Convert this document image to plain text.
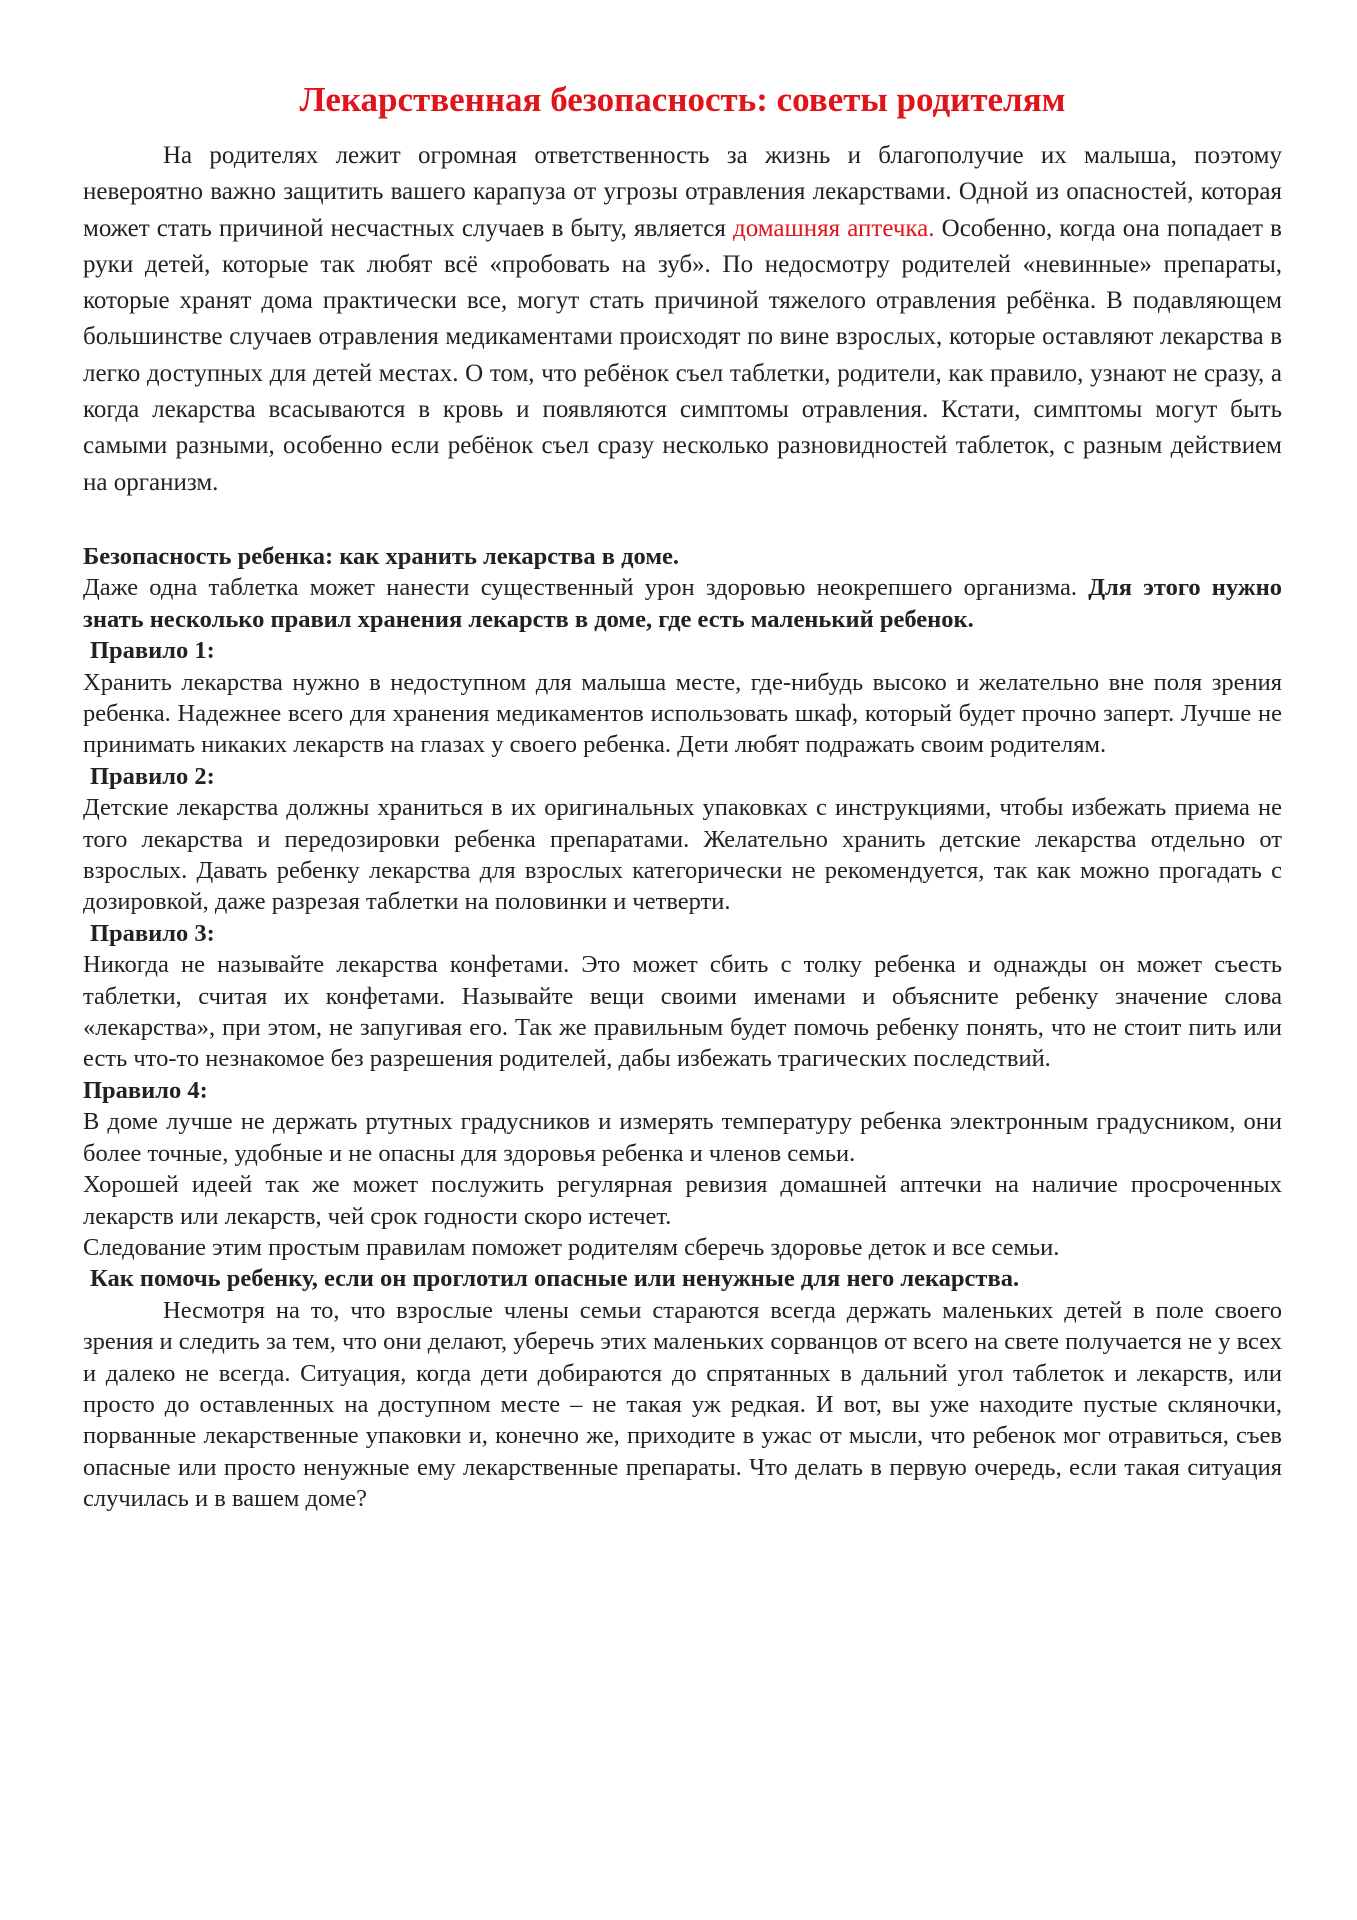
Лекарственная безопасность: советы родителям

На родителях лежит огромная ответственность за жизнь и благополучие их малыша, поэтому невероятно важно защитить вашего карапуза от угрозы отравления лекарствами. Одной из опасностей, которая может стать причиной несчастных случаев в быту, является домашняя аптечка. Особенно, когда она попадает в руки детей, которые так любят всё «пробовать на зуб». По недосмотру родителей «невинные» препараты, которые хранят дома практически все, могут стать причиной тяжелого отравления ребёнка. В подавляющем большинстве случаев отравления медикаментами происходят по вине взрослых, которые оставляют лекарства в легко доступных для детей местах. О том, что ребёнок съел таблетки, родители, как правило, узнают не сразу, а когда лекарства всасываются в кровь и появляются симптомы отравления. Кстати, симптомы могут быть самыми разными, особенно если ребёнок съел сразу несколько разновидностей таблеток, с разным действием на организм.

Безопасность ребенка: как хранить лекарства в доме.

Даже одна таблетка может нанести существенный урон здоровью неокрепшего организма. Для этого нужно знать несколько правил хранения лекарств в доме, где есть маленький ребенок.

Правило 1:

Хранить лекарства нужно в недоступном для малыша месте, где-нибудь высоко и желательно вне поля зрения ребенка. Надежнее всего для хранения медикаментов использовать шкаф, который будет прочно заперт. Лучше не принимать никаких лекарств на глазах у своего ребенка. Дети любят подражать своим родителям.

Правило 2:

Детские лекарства должны храниться в их оригинальных упаковках с инструкциями, чтобы избежать приема не того лекарства и передозировки ребенка препаратами. Желательно хранить детские лекарства отдельно от взрослых. Давать ребенку лекарства для взрослых категорически не рекомендуется, так как можно прогадать с дозировкой, даже разрезая таблетки на половинки и четверти.

Правило 3:

Никогда не называйте лекарства конфетами. Это может сбить с толку ребенка и однажды он может съесть таблетки, считая их конфетами. Называйте вещи своими именами и объясните ребенку значение слова «лекарства», при этом, не запугивая его. Так же правильным будет помочь ребенку понять, что не стоит пить или есть что-то незнакомое без разрешения родителей, дабы избежать трагических последствий.

Правило 4:

В доме лучше не держать ртутных градусников и измерять температуру ребенка электронным градусником, они более точные, удобные и не опасны для здоровья ребенка и членов семьи.

Хорошей идеей так же может послужить регулярная ревизия домашней аптечки на наличие просроченных лекарств или лекарств, чей срок годности скоро истечет.

Следование этим простым правилам поможет родителям сберечь здоровье деток и все семьи.

Как помочь ребенку, если он проглотил опасные или ненужные для него лекарства.

Несмотря на то, что взрослые члены семьи стараются всегда держать маленьких детей в поле своего зрения и следить за тем, что они делают, уберечь этих маленьких сорванцов от всего на свете получается не у всех и далеко не всегда. Ситуация, когда дети добираются до спрятанных в дальний угол таблеток и лекарств, или просто до оставленных на доступном месте – не такая уж редкая. И вот, вы уже находите пустые скляночки, порванные лекарственные упаковки и, конечно же, приходите в ужас от мысли, что ребенок мог отравиться, съев опасные или просто ненужные ему лекарственные препараты. Что делать в первую очередь, если такая ситуация случилась и в вашем доме?
